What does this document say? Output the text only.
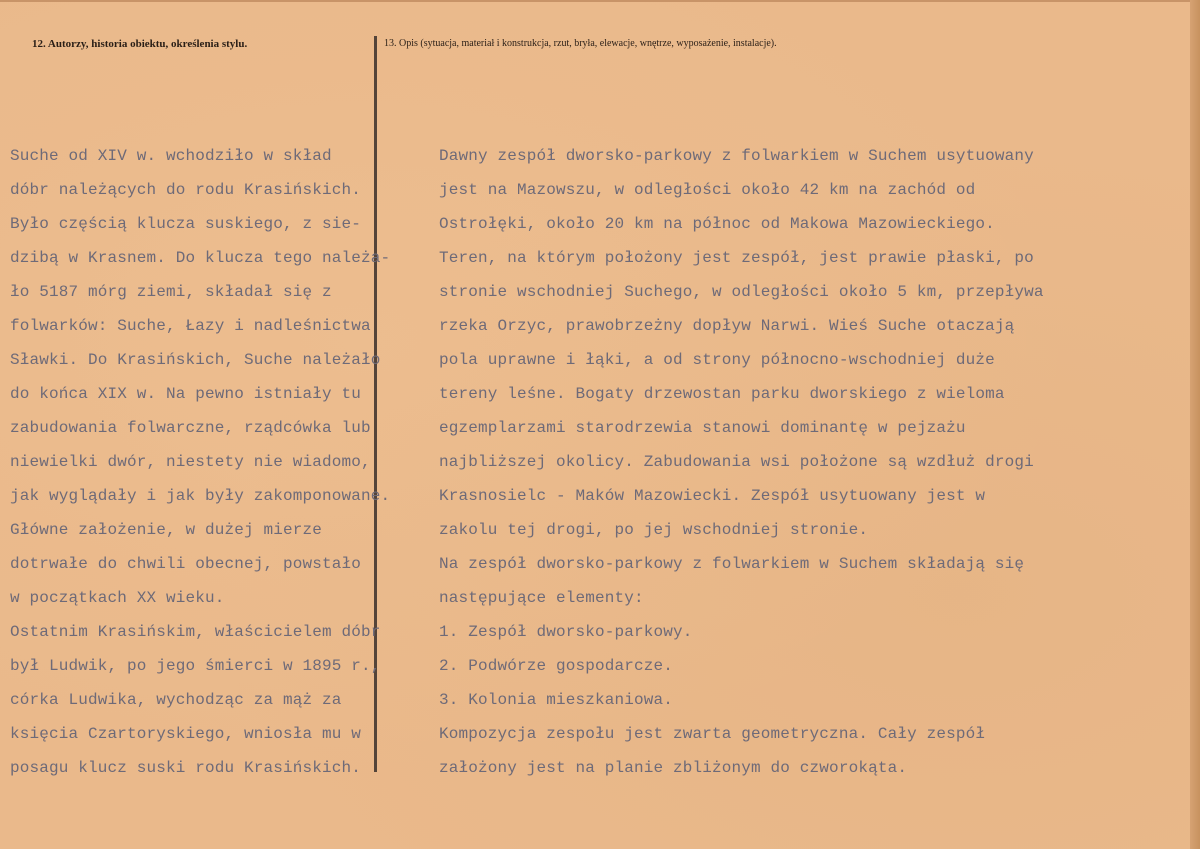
12. Autorzy, historia obiektu, określenia stylu.	13. Opis (sytuacja, materiał i konstrukcja, rzut, bryła, elewacje, wnętrze, wyposażenie, instalacje).
Suche od XIV w. wchodziło w skład
dóbr należących do rodu Krasińskich.
Było częścią klucza suskiego, z sie-
dzibą w Krasnem. Do klucza tego należa-
ło 5187 mórg ziemi, składał się z
folwarków: Suche, Łazy i nadleśnictwa
Sławki. Do Krasińskich, Suche należało
do końca XIX w. Na pewno istniały tu
zabudowania folwarczne, rządcówka lub
niewielki dwór, niestety nie wiadomo,
jak wyglądały i jak były zakomponowane.
Główne założenie, w dużej mierze
dotrwałe do chwili obecnej, powstało
w początkach XX wieku.
Ostatnim Krasińskim, właścicielem dóbr
był Ludwik, po jego śmierci w 1895 r.,
córka Ludwika, wychodząc za mąż za
księcia Czartoryskiego, wniosła mu w
posagu klucz suski rodu Krasińskich.
Dawny zespół dworsko-parkowy z folwarkiem w Suchem usytuowany
jest na Mazowszu, w odległości około 42 km na zachód od
Ostrołęki, około 20 km na północ od Makowa Mazowieckiego.
Teren, na którym położony jest zespół, jest prawie płaski, po
stronie wschodniej Suchego, w odległości około 5 km, przepływa
rzeka Orzyc, prawobrzeżny dopływ Narwi. Wieś Suche otaczają
pola uprawne i łąki, a od strony północno-wschodniej duże
tereny leśne. Bogaty drzewostan parku dworskiego z wieloma
egzemplarzami starodrzewia stanowi dominantę w pejzażu
najbliższej okolicy. Zabudowania wsi położone są wzdłuż drogi
Krasnosielc - Maków Mazowiecki. Zespół usytuowany jest w
zakolu tej drogi, po jej wschodniej stronie.
Na zespół dworsko-parkowy z folwarkiem w Suchem składają się
następujące elementy:
1. Zespół dworsko-parkowy.
2. Podwórze gospodarcze.
3. Kolonia mieszkaniowa.
Kompozycja zespołu jest zwarta geometryczna. Cały zespół
założony jest na planie zbliżonym do czworokąta.
